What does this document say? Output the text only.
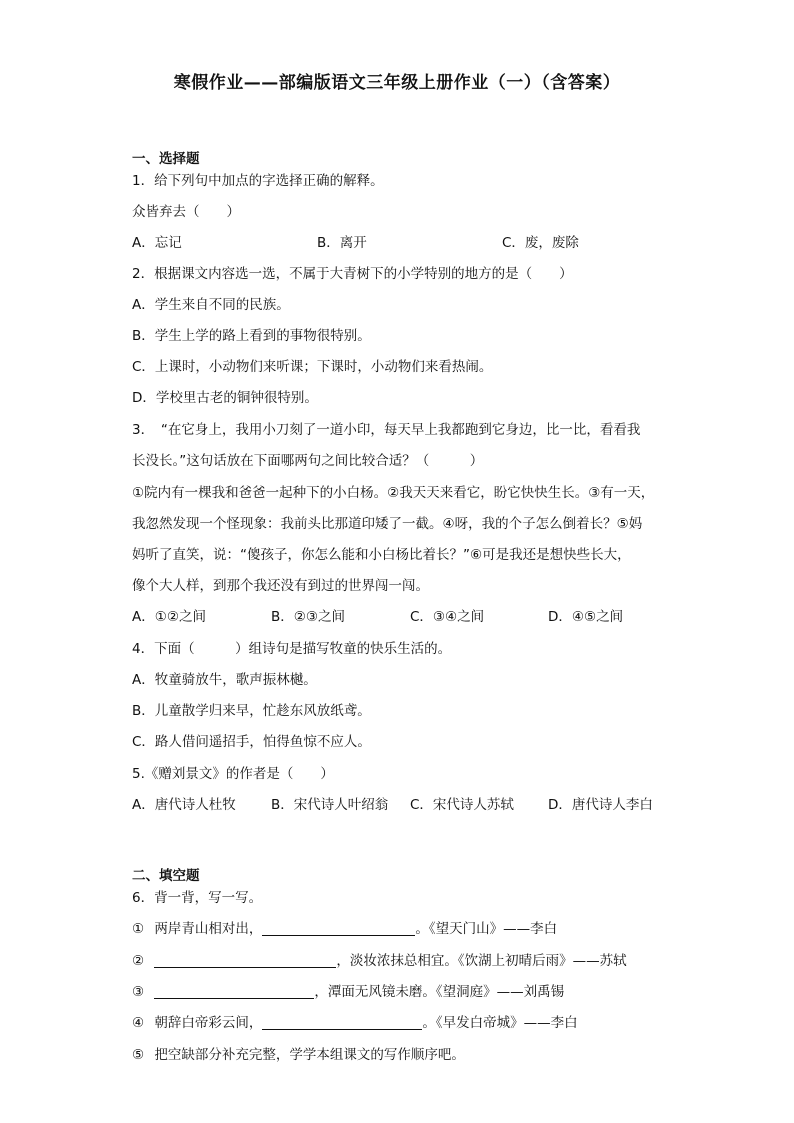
寒假作业——部编版语文三年级上册作业（一）（含答案）
一、选择题
1．给下列句中加点的字选择正确的解释。
众皆弃去（　　）
A．忘记	B．离开	C．废，废除
2．根据课文内容选一选，不属于大青树下的小学特别的地方的是（　　）
A．学生来自不同的民族。
B．学生上学的路上看到的事物很特别。
C．上课时，小动物们来听课；下课时，小动物们来看热闹。
D．学校里古老的铜钟很特别。
3．　“在它身上，我用小刀刻了一道小印，每天早上我都跑到它身边，比一比，看看我
长没长。”这句话放在下面哪两句之间比较合适？（　　　）
①院内有一棵我和爸爸一起种下的小白杨。②我天天来看它，盼它快快生长。③有一天，
我忽然发现一个怪现象：我前头比那道印矮了一截。④呀，我的个子怎么倒着长？⑤妈
妈听了直笑，说：“傻孩子，你怎么能和小白杨比着长？”⑥可是我还是想快些长大，
像个大人样，到那个我还没有到过的世界闯一闯。
A．①②之间	B．②③之间	C．③④之间	D．④⑤之间
4．下面（　　　）组诗句是描写牧童的快乐生活的。
A．牧童骑放牛，歌声振林樾。
B．儿童散学归来早，忙趁东风放纸鸢。
C．路人借问遥招手，怕得鱼惊不应人。
5.《赠刘景文》的作者是（　　）
A．唐代诗人杜牧	B．宋代诗人叶绍翁 C．宋代诗人苏轼	D．唐代诗人李白
二、填空题
6．背一背，写一写。
① 两岸青山相对出，	。《望天门山》——李白
②	，淡妆浓抹总相宜。《饮湖上初晴后雨》——苏轼
③	，潭面无风镜未磨。《望洞庭》——刘禹锡
④ 朝辞白帝彩云间，	。《早发白帝城》——李白
⑤ 把空缺部分补充完整，学学本组课文的写作顺序吧。
